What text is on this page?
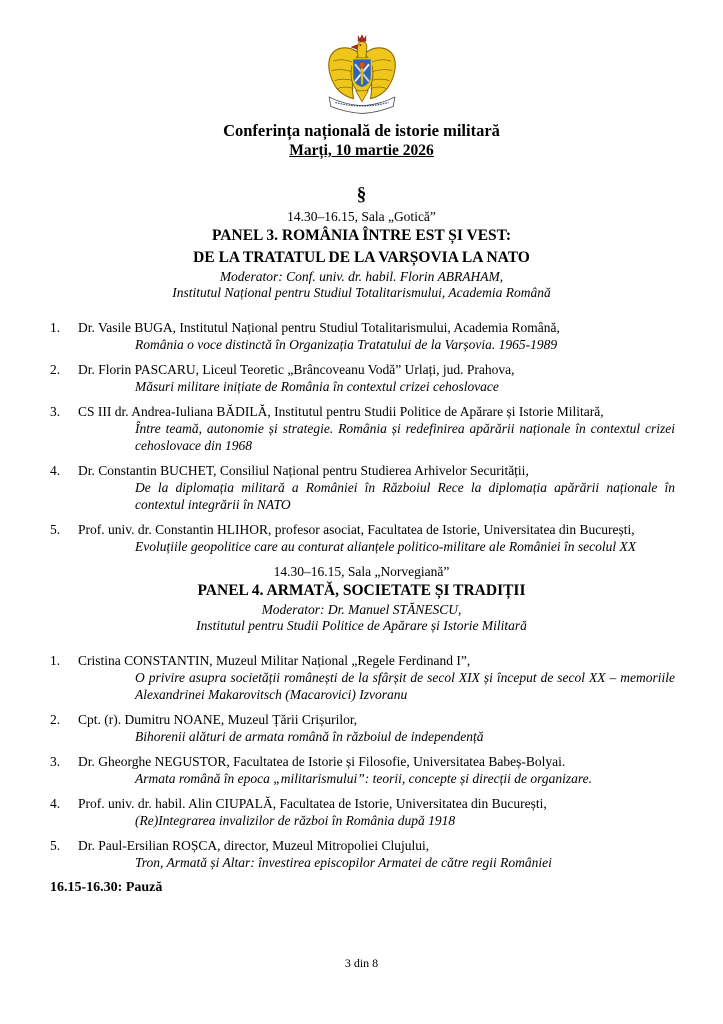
Conferința națională de istorie militară
Marți, 10 martie 2026
§
14.30–16.15, Sala „Gotică”
PANEL 3. ROMÂNIA ÎNTRE EST ȘI VEST:
DE LA TRATATUL DE LA VARȘOVIA LA NATO
Moderator: Conf. univ. dr. habil. Florin ABRAHAM,
Institutul Național pentru Studiul Totalitarismului, Academia Română
1.	Dr. Vasile BUGA, Institutul Național pentru Studiul Totalitarismului, Academia Română,
România o voce distinctă în Organizația Tratatului de la Varșovia. 1965-1989
2.	Dr. Florin PASCARU, Liceul Teoretic „Brâncoveanu Vodă” Urlați, jud. Prahova,
Măsuri militare inițiate de România în contextul crizei cehoslovace
3.	CS III dr. Andrea-Iuliana BĂDILĂ, Institutul pentru Studii Politice de Apărare și Istorie Militară,
Între teamă, autonomie și strategie. România și redefinirea apărării naționale în contextul crizei cehoslovace din 1968
4.	Dr. Constantin BUCHET, Consiliul Național pentru Studierea Arhivelor Securității,
De la diplomația militară a României în Războiul Rece la diplomația apărării naționale în contextul integrării în NATO
5.	Prof. univ. dr. Constantin HLIHOR, profesor asociat, Facultatea de Istorie, Universitatea din București,
Evoluțiile geopolitice care au conturat alianțele politico-militare ale României în secolul XX
14.30–16.15, Sala „Norvegiană”
PANEL 4. ARMATĂ, SOCIETATE ȘI TRADIȚII
Moderator: Dr. Manuel STĂNESCU,
Institutul pentru Studii Politice de Apărare și Istorie Militară
1.	Cristina CONSTANTIN, Muzeul Militar Național „Regele Ferdinand I”,
O privire asupra societății românești de la sfârșit de secol XIX și început de secol XX – memoriile Alexandrinei Makarovitsch (Macarovici) Izvoranu
2.	Cpt. (r). Dumitru NOANE, Muzeul Țării Crișurilor,
Bihorenii alături de armata română în războiul de independență
3.	Dr. Gheorghe NEGUSTOR, Facultatea de Istorie și Filosofie, Universitatea Babeș-Bolyai.
Armata română în epoca „militarismului”: teorii, concepte și direcții de organizare.
4.	Prof. univ. dr. habil. Alin CIUPALĂ, Facultatea de Istorie, Universitatea din București,
(Re)Integrarea invalizilor de război în România după 1918
5.	Dr. Paul-Ersilian ROȘCA, director, Muzeul Mitropoliei Clujului,
Tron, Armată și Altar: învestirea episcopilor Armatei de către regii României
16.15-16.30: Pauză
3 din 8
